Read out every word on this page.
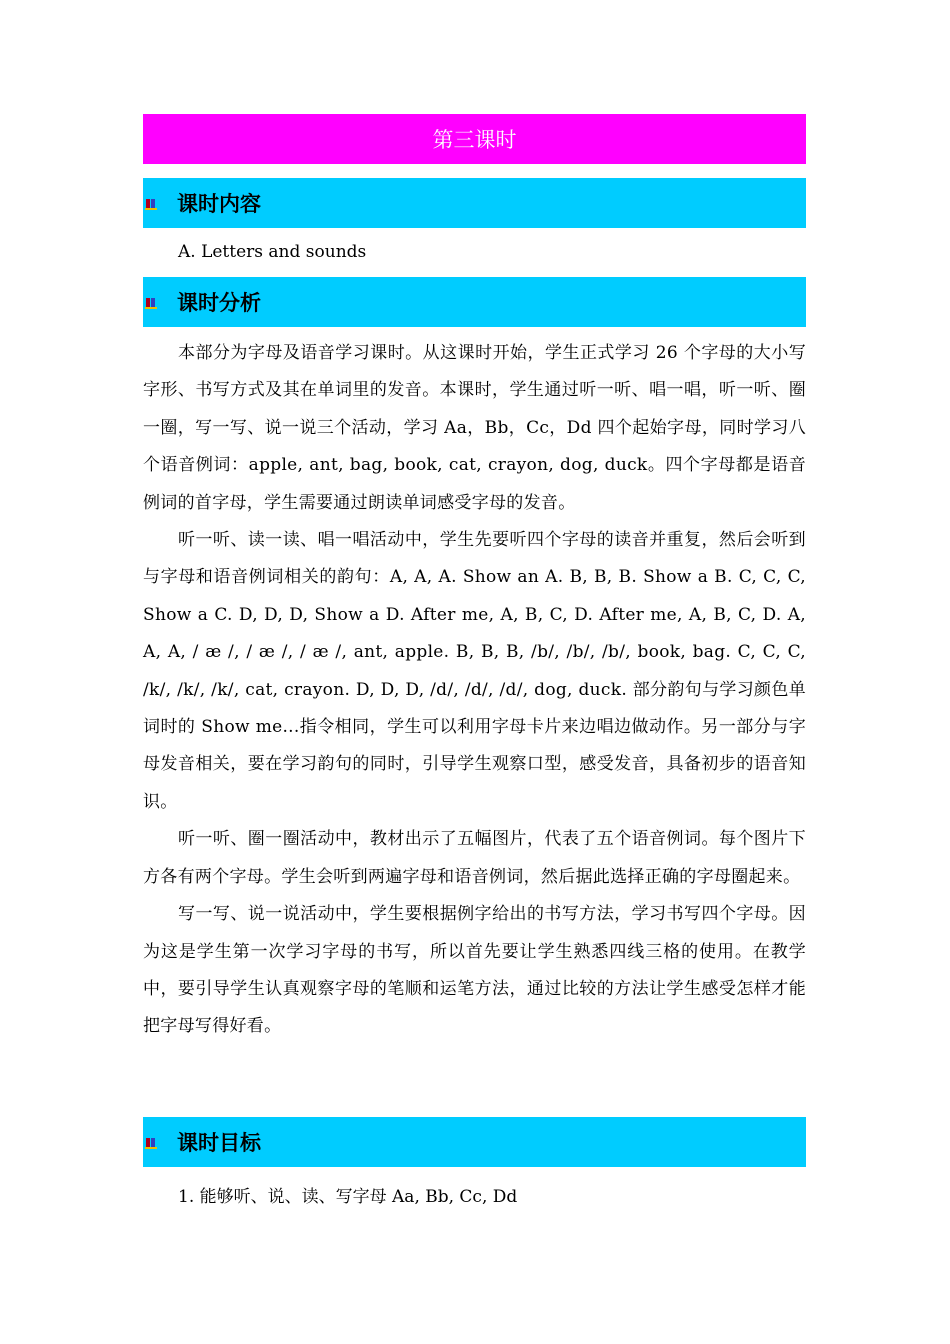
第三课时
课时内容
A. Letters and sounds
课时分析

本部分为字母及语音学习课时。从这课时开始，学生正式学习 26 个字母的大小写字形、书写方式及其在单词里的发音。本课时，学生通过听一听、唱一唱，听一听、圈一圈，写一写、说一说三个活动，学习 Aa，Bb，Cc，Dd 四个起始字母，同时学习八个语音例词：apple, ant, bag, book, cat, crayon, dog, duck。四个字母都是语音例词的首字母，学生需要通过朗读单词感受字母的发音。

听一听、读一读、唱一唱活动中，学生先要听四个字母的读音并重复，然后会听到与字母和语音例词相关的韵句：A, A, A. Show an A. B, B, B. Show a B. C, C, C, Show a C. D, D, D, Show a D. After me, A, B, C, D. After me, A, B, C, D. A, A, A, / æ /, / æ /, / æ /, ant, apple. B, B, B, /b/, /b/, /b/, book, bag. C, C, C, /k/, /k/, /k/, cat, crayon. D, D, D, /d/, /d/, /d/, dog, duck. 部分韵句与学习颜色单词时的 Show me...指令相同，学生可以利用字母卡片来边唱边做动作。另一部分与字母发音相关，要在学习韵句的同时，引导学生观察口型，感受发音，具备初步的语音知识。

听一听、圈一圈活动中，教材出示了五幅图片，代表了五个语音例词。每个图片下方各有两个字母。学生会听到两遍字母和语音例词，然后据此选择正确的字母圈起来。

写一写、说一说活动中，学生要根据例字给出的书写方法，学习书写四个字母。因为这是学生第一次学习字母的书写，所以首先要让学生熟悉四线三格的使用。在教学中，要引导学生认真观察字母的笔顺和运笔方法，通过比较的方法让学生感受怎样才能把字母写得好看。

课时目标
1. 能够听、说、读、写字母 Aa, Bb, Cc, Dd
